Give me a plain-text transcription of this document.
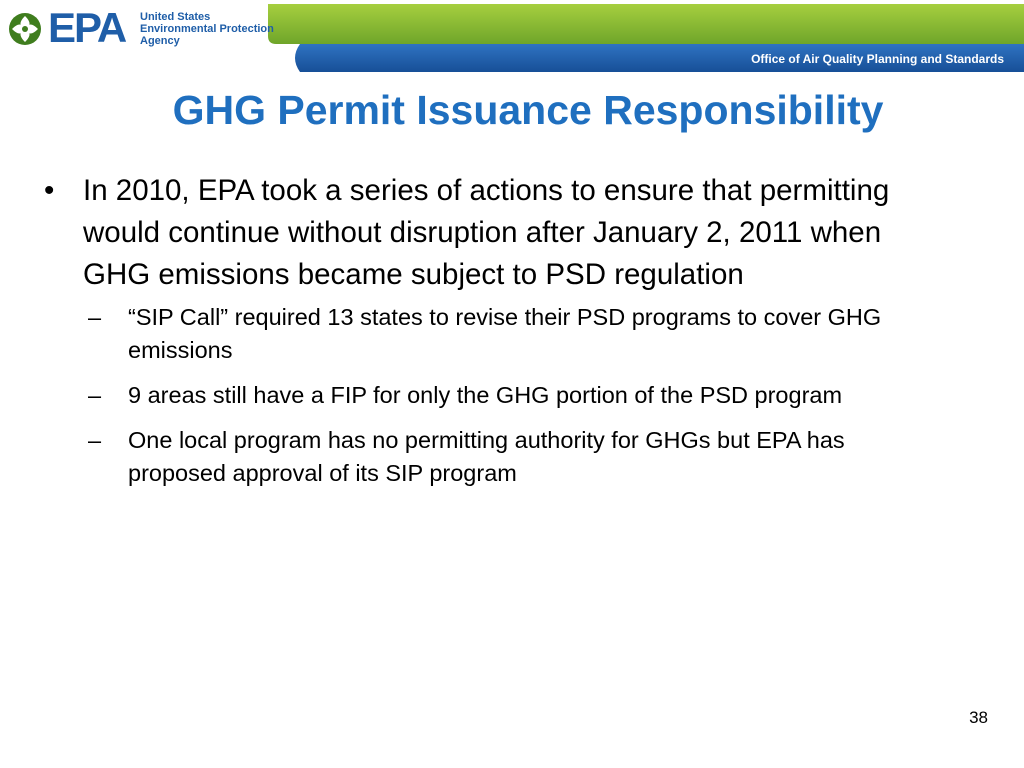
EPA United States
Environmental Protection
Agency
Office of Air Quality Planning and Standards
GHG Permit Issuance Responsibility
• In 2010, EPA took a series of actions to ensure that permitting would continue without disruption after January 2, 2011 when GHG emissions became subject to PSD regulation
– “SIP Call” required 13 states to revise their PSD programs to cover GHG emissions
– 9 areas still have a FIP for only the GHG portion of the PSD program
– One local program has no permitting authority for GHGs but EPA has proposed approval of its SIP program
38
